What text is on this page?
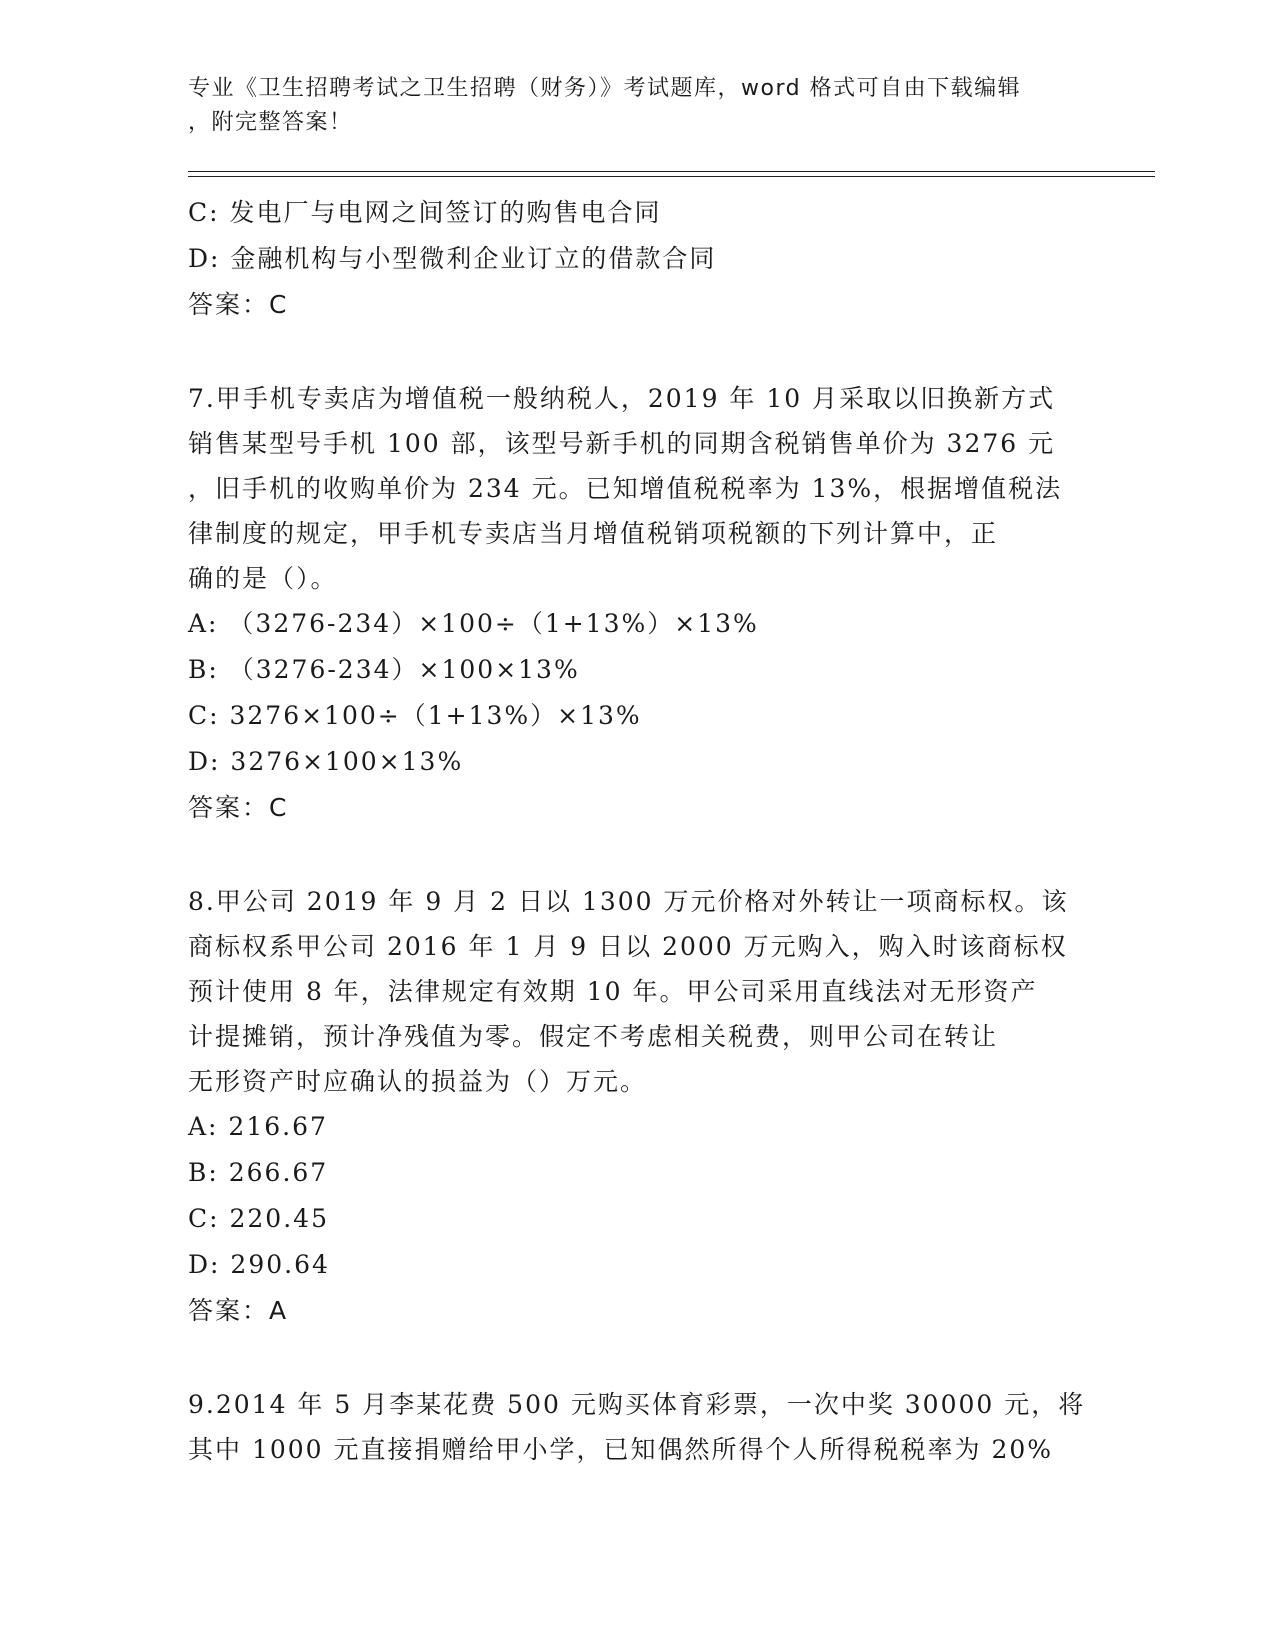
专业《卫生招聘考试之卫生招聘（财务）》考试题库，word 格式可自由下载编辑
，附完整答案！
C: 发电厂与电网之间签订的购售电合同
D: 金融机构与小型微利企业订立的借款合同
答案：C
7.甲手机专卖店为增值税一般纳税人，2019 年 10 月采取以旧换新方式
销售某型号手机 100 部，该型号新手机的同期含税销售单价为 3276 元
，旧手机的收购单价为 234 元。已知增值税税率为 13%，根据增值税法
律制度的规定，甲手机专卖店当月增值税销项税额的下列计算中，正
确的是（）。
A: （3276-234）×100÷（1+13%）×13%
B: （3276-234）×100×13%
C: 3276×100÷（1+13%）×13%
D: 3276×100×13%
答案：C
8.甲公司 2019 年 9 月 2 日以 1300 万元价格对外转让一项商标权。该
商标权系甲公司 2016 年 1 月 9 日以 2000 万元购入，购入时该商标权
预计使用 8 年，法律规定有效期 10 年。甲公司采用直线法对无形资产
计提摊销，预计净残值为零。假定不考虑相关税费，则甲公司在转让
无形资产时应确认的损益为（）万元。
A: 216.67
B: 266.67
C: 220.45
D: 290.64
答案：A
9.2014 年 5 月李某花费 500 元购买体育彩票，一次中奖 30000 元，将
其中 1000 元直接捐赠给甲小学，已知偶然所得个人所得税税率为 20%
